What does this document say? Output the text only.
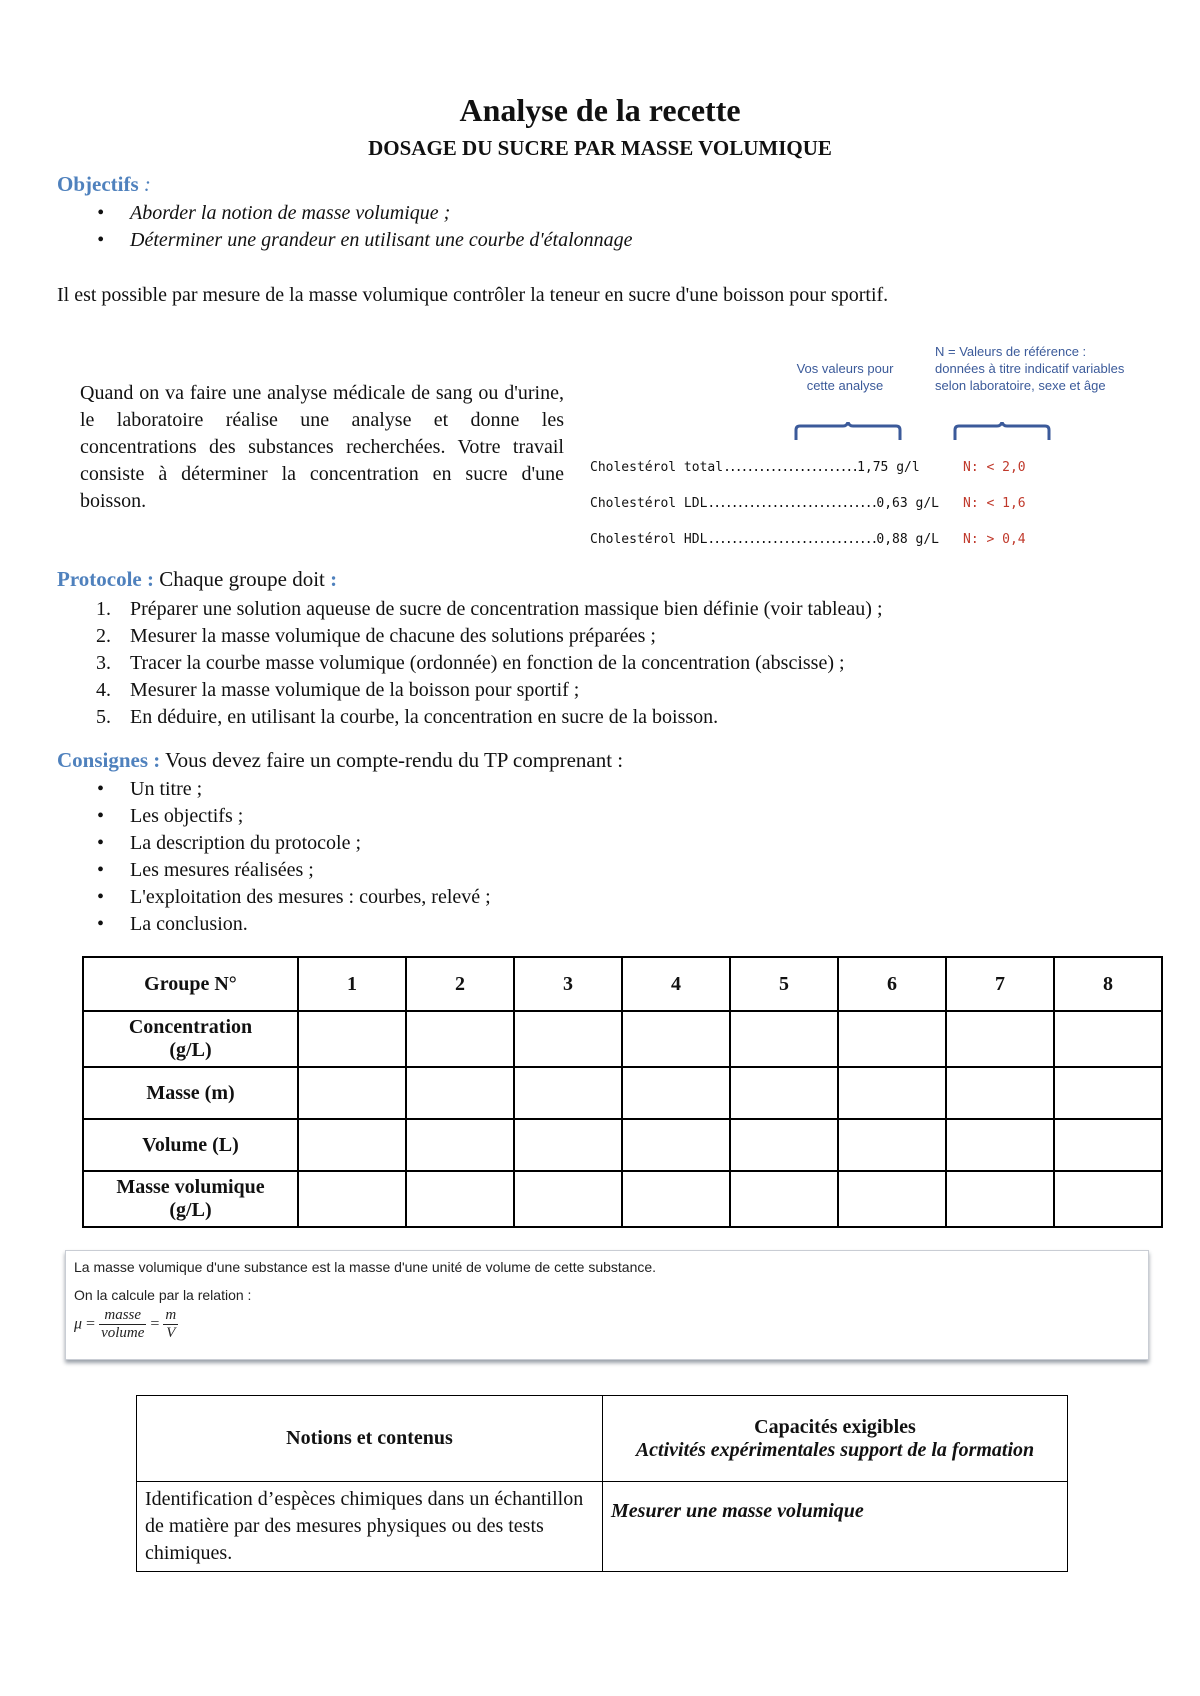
Analyse de la recette
DOSAGE DU SUCRE PAR MASSE VOLUMIQUE
Objectifs :
• Aborder la notion de masse volumique ;
• Déterminer une grandeur en utilisant une courbe d'étalonnage
Il est possible par mesure de la masse volumique contrôler la teneur en sucre d'une boisson pour sportif.
Quand on va faire une analyse médicale de sang ou d'urine, le laboratoire réalise une analyse et donne les concentrations des substances recherchées. Votre travail consiste à déterminer la concentration en sucre d'une boisson.
Vos valeurs pour cette analyse
N = Valeurs de référence : données à titre indicatif variables selon laboratoire, sexe et âge
Cholestérol total.......................1,75 g/l	N: < 2,0
Cholestérol LDL.............................0,63 g/L N: < 1,6
Cholestérol HDL.............................0,88 g/L N: > 0,4
Protocole : Chaque groupe doit :
1. Préparer une solution aqueuse de sucre de concentration massique bien définie (voir tableau) ;
2. Mesurer la masse volumique de chacune des solutions préparées ;
3. Tracer la courbe masse volumique (ordonnée) en fonction de la concentration (abscisse) ;
4. Mesurer la masse volumique de la boisson pour sportif ;
5. En déduire, en utilisant la courbe, la concentration en sucre de la boisson.
Consignes : Vous devez faire un compte-rendu du TP comprenant :
• Un titre ;
• Les objectifs ;
• La description du protocole ;
• Les mesures réalisées ;
• L'exploitation des mesures : courbes, relevé ;
• La conclusion.
Groupe N°	1	2	3	4	5	6	7	8

Concentration
(g/L)								

Masse (m)								

Volume (L)								

Masse volumique
(g/L)								

La masse volumique d'une substance est la masse d'une unité de volume de cette substance.
On la calcule par la relation :
$\mu = \frac{\text{masse}}{\text{volume}} = \frac{m}{V}$
Notions et contenus	Capacités exigibles
Activités expérimentales support de la formation

Identification d’espèces chimiques dans un échantillon de matière par des mesures physiques ou des tests chimiques.	Mesurer une masse volumique
